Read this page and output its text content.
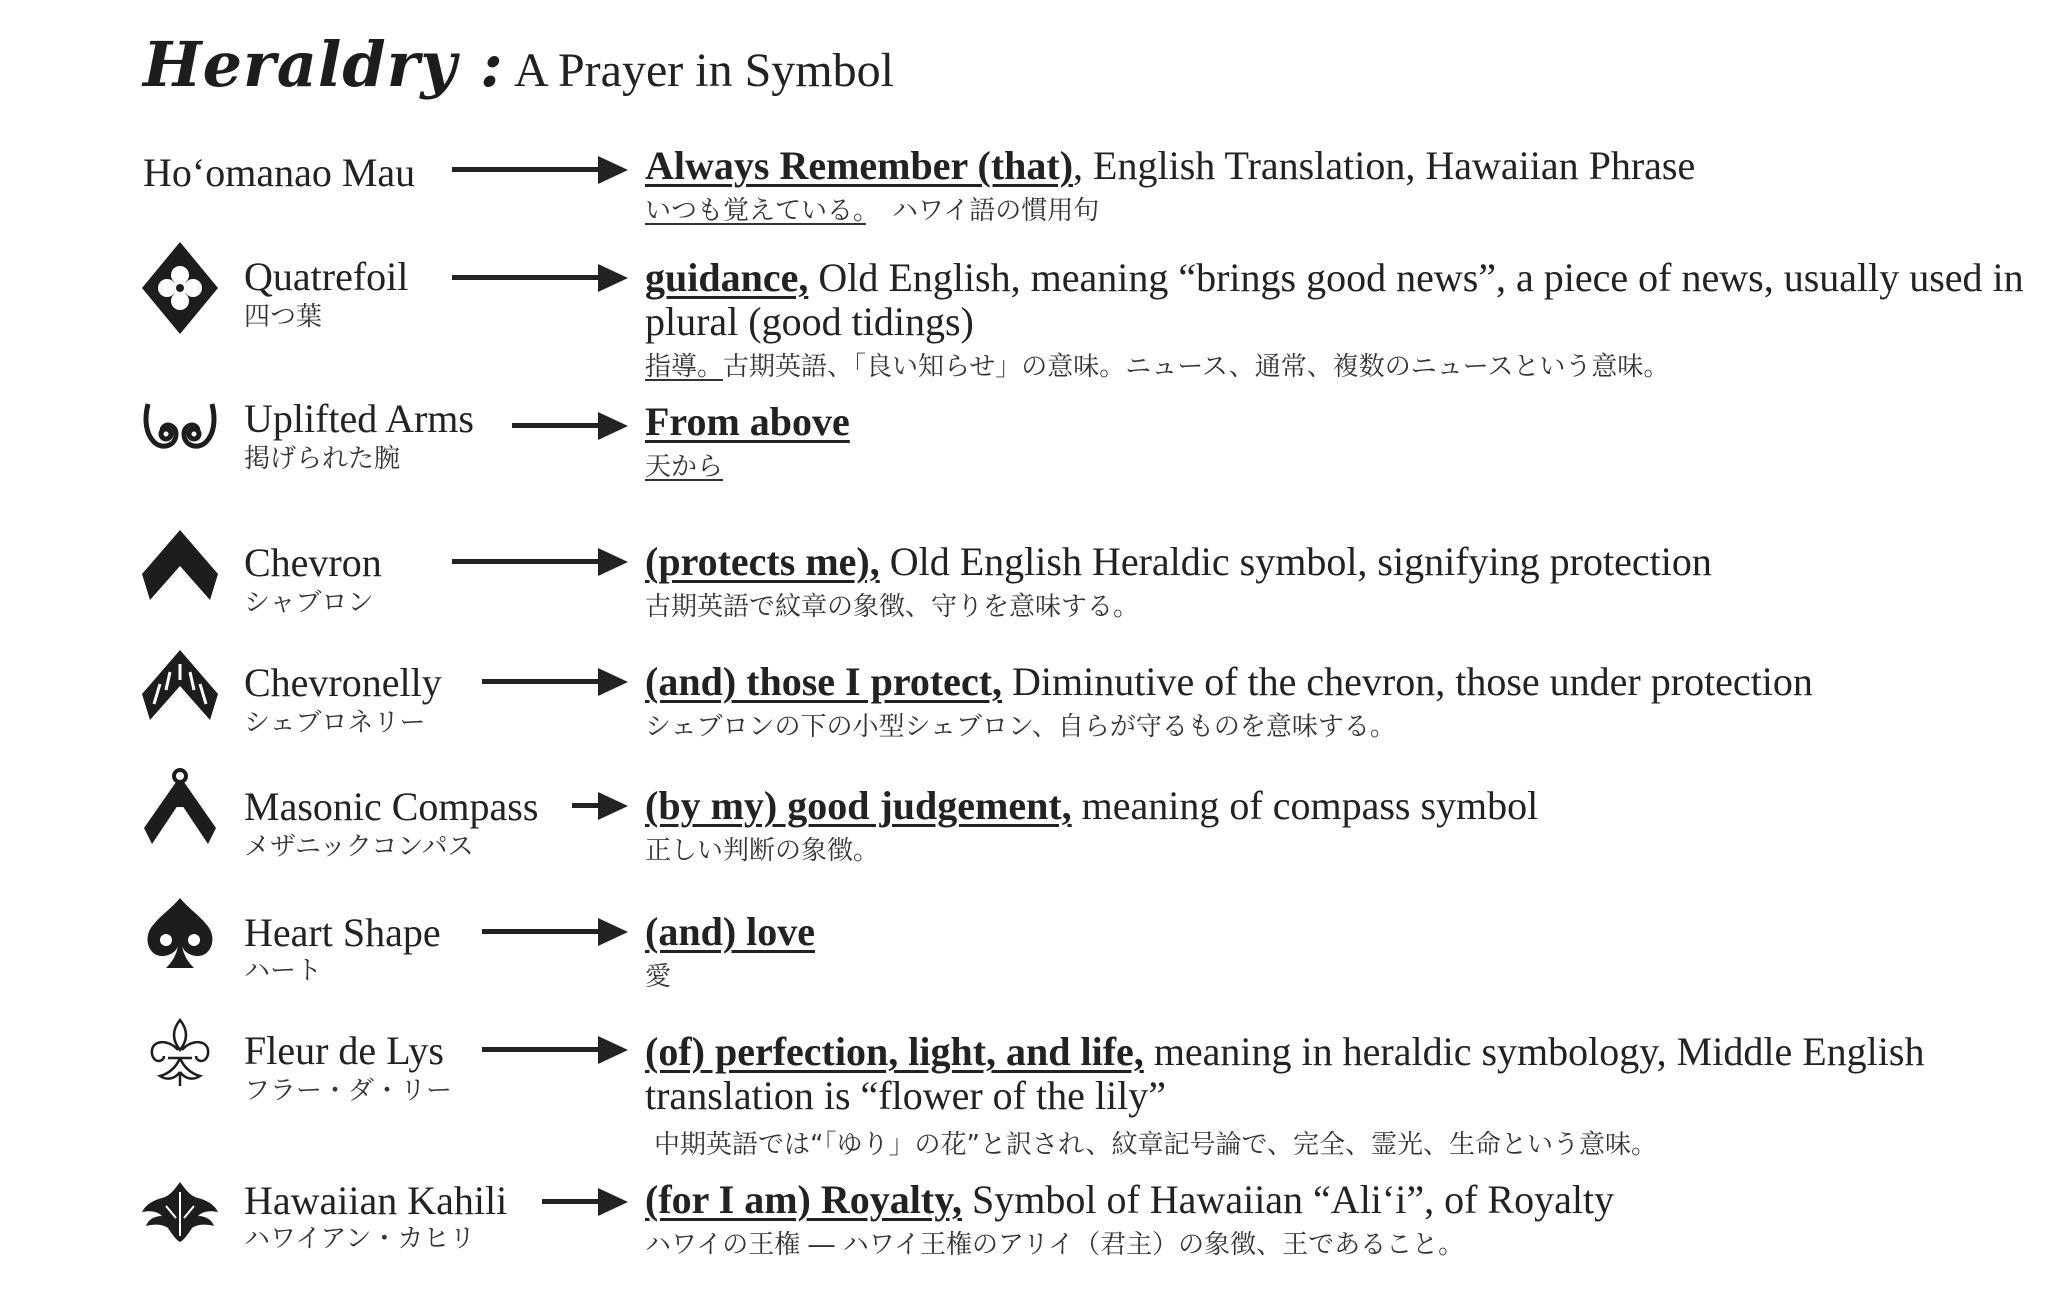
Heraldry : A Prayer in Symbol
Ho‘omanao Mau	Always Remember (that), English Translation, Hawaiian Phrase
いつも覚えている。　ハワイ語の慣用句
Quatrefoil
四つ葉
guidance, Old English, meaning “brings good news”, a piece of news, usually used in plural (good tidings)
指導。古期英語、「良い知らせ」の意味。ニュース、通常、複数のニュースという意味。
Uplifted Arms
掲げられた腕
From above
天から
Chevron
シャブロン
(protects me), Old English Heraldic symbol, signifying protection
古期英語で紋章の象徴、守りを意味する。
Chevronelly
シェブロネリー
(and) those I protect, Diminutive of the chevron, those under protection
シェブロンの下の小型シェブロン、自らが守るものを意味する。
Masonic Compass
メザニックコンパス
(by my) good judgement, meaning of compass symbol
正しい判断の象徴。
Heart Shape
ハート
(and) love
愛
Fleur de Lys
フラー・ダ・リー
(of) perfection, light, and life, meaning in heraldic symbology, Middle English translation is “flower of the lily”
中期英語では“「ゆり」の花”と訳され、紋章記号論で、完全、霊光、生命という意味。
Hawaiian Kahili
ハワイアン・カヒリ
(for I am) Royalty, Symbol of Hawaiian “Ali‘i”, of Royalty
ハワイの王権 ― ハワイ王権のアリイ（君主）の象徴、王であること。
